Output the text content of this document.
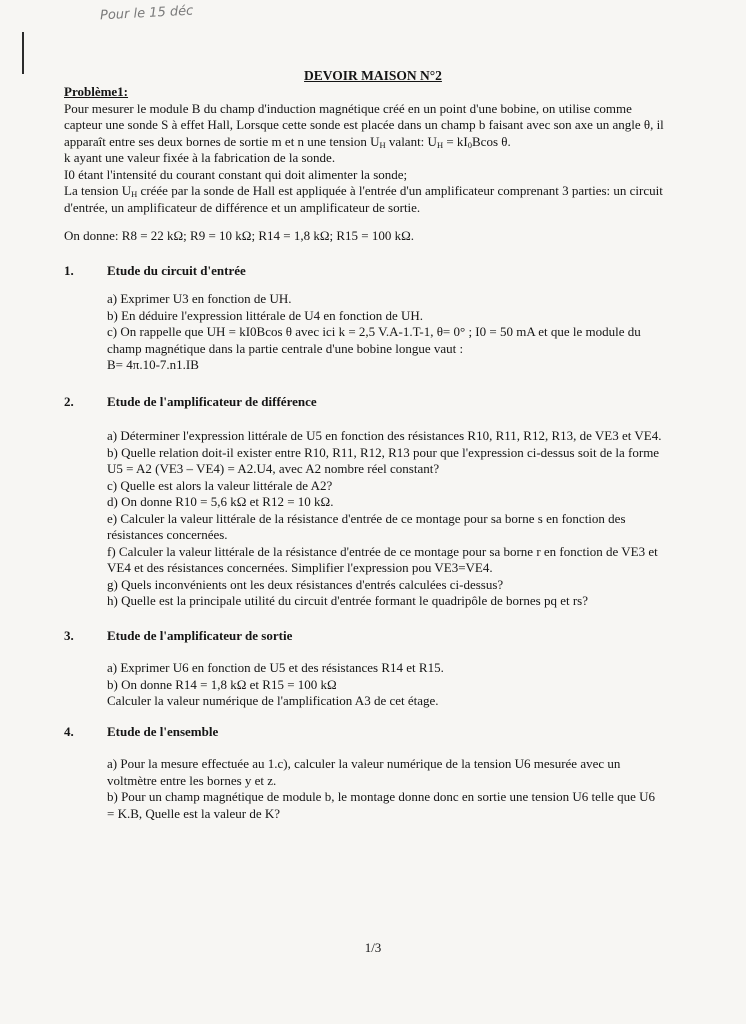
Pour le 15 déc
DEVOIR MAISON N°2

Problème1:

Pour mesurer le module B du champ d'induction magnétique créé en un point d'une bobine, on utilise comme capteur une sonde S à effet Hall, Lorsque cette sonde est placée dans un champ b faisant avec son axe un angle θ, il apparaît entre ses deux bornes de sortie m et n une tension $U_H$ valant: $U_H = kI_0Bcos$ θ.

k ayant une valeur fixée à la fabrication de la sonde.

I0 étant l'intensité du courant constant qui doit alimenter la sonde;

La tension $U_H$ créée par la sonde de Hall est appliquée à l'entrée d'un amplificateur comprenant 3 parties: un circuit d'entrée, un amplificateur de différence et un amplificateur de sortie.

On donne: R8 = 22 kΩ; R9 = 10 kΩ; R14 = 1,8 kΩ; R15 = 100 kΩ.

1.	Etude du circuit d'entrée

a) Exprimer U3 en fonction de UH.

b) En déduire l'expression littérale de U4 en fonction de UH.

c) On rappelle que UH = kI0Bcos θ avec ici k = 2,5 V.A-1.T-1, θ= 0° ; I0 = 50 mA et que le module du champ magnétique dans la partie centrale d'une bobine longue vaut :

B= 4π.10-7.n1.IB

2.	Etude de l'amplificateur de différence

a) Déterminer l'expression littérale de U5 en fonction des résistances R10, R11, R12, R13, de VE3 et VE4.

b) Quelle relation doit-il exister entre R10, R11, R12, R13 pour que l'expression ci-dessus soit de la forme U5 = A2 (VE3 – VE4) = A2.U4, avec A2 nombre réel constant?

c) Quelle est alors la valeur littérale de A2?

d) On donne R10 = 5,6 kΩ et R12 = 10 kΩ.

e) Calculer la valeur littérale de la résistance d'entrée de ce montage pour sa borne s en fonction des résistances concernées.

f) Calculer la valeur littérale de la résistance d'entrée de ce montage pour sa borne r en fonction de VE3 et VE4 et des résistances concernées. Simplifier l'expression pou VE3=VE4.

g) Quels inconvénients ont les deux résistances d'entrés calculées ci-dessus?

h) Quelle est la principale utilité du circuit d'entrée formant le quadripôle de bornes pq et rs?

3.	Etude de l'amplificateur de sortie

a) Exprimer U6 en fonction de U5 et des résistances R14 et R15.

b) On donne R14 = 1,8 kΩ et R15 = 100 kΩ

Calculer la valeur numérique de l'amplification A3 de cet étage.

4.	Etude de l'ensemble

a) Pour la mesure effectuée au 1.c), calculer la valeur numérique de la tension U6 mesurée avec un voltmètre entre les bornes y et z.

b) Pour un champ magnétique de module b, le montage donne donc en sortie une tension U6 telle que U6 = K.B, Quelle est la valeur de K?

1/3
